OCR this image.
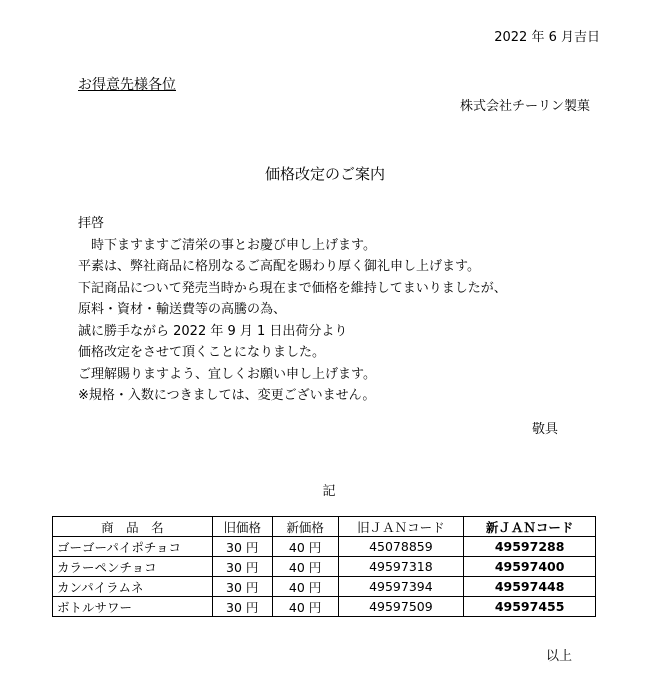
2022 年 6 月吉日
お得意先様各位
株式会社チーリン製菓
価格改定のご案内
拝啓
時下ますますご清栄の事とお慶び申し上げます。
平素は、弊社商品に格別なるご高配を賜わり厚く御礼申し上げます。
下記商品について発売当時から現在まで価格を維持してまいりましたが、
原料・資材・輸送費等の高騰の為、
誠に勝手ながら 2022 年 9 月 1 日出荷分より
価格改定をさせて頂くことになりました。
ご理解賜りますよう、宜しくお願い申し上げます。
※規格・入数につきましては、変更ございません。
敬具
記
商　品　名	旧価格	新価格	旧ＪＡＮコード	新ＪＡＮコード
ゴーゴーパイポチョコ	30 円	40 円	45078859	49597288
カラーペンチョコ	30 円	40 円	49597318	49597400
カンパイラムネ	30 円	40 円	49597394	49597448
ボトルサワー	30 円	40 円	49597509	49597455
以上
